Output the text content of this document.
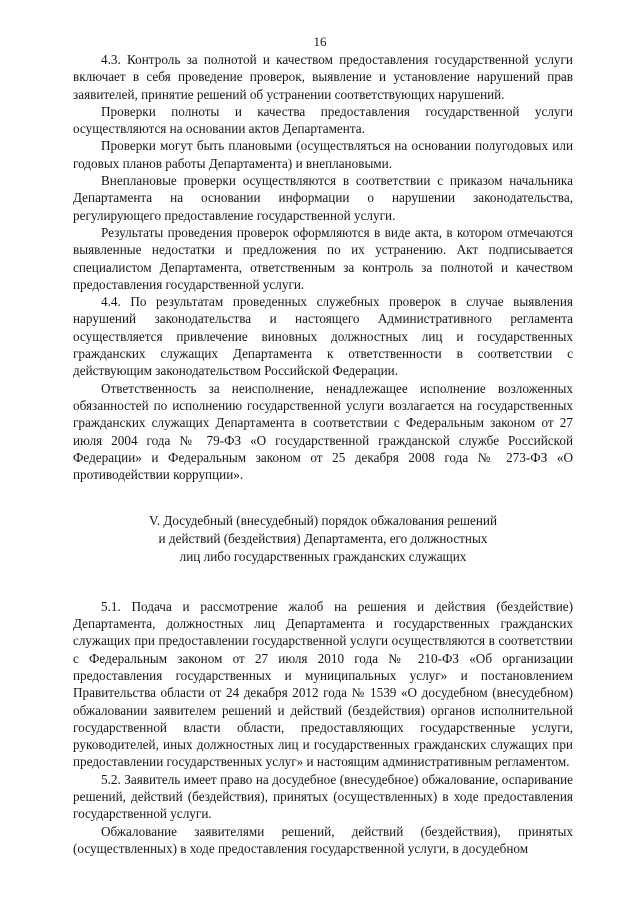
16

4.3. Контроль за полнотой и качеством предоставления государственной услуги включает в себя проведение проверок, выявление и установление нарушений прав заявителей, принятие решений об устранении соответствующих нарушений.

Проверки полноты и качества предоставления государственной услуги осуществляются на основании актов Департамента.

Проверки могут быть плановыми (осуществляться на основании полугодовых или годовых планов работы Департамента) и внеплановыми.

Внеплановые проверки осуществляются в соответствии с приказом начальника Департамента на основании информации о нарушении законодательства, регулирующего предоставление государственной услуги.

Результаты проведения проверок оформляются в виде акта, в котором отмечаются выявленные недостатки и предложения по их устранению. Акт подписывается специалистом Департамента, ответственным за контроль за полнотой и качеством предоставления государственной услуги.

4.4. По результатам проведенных служебных проверок в случае выявления нарушений законодательства и настоящего Административного регламента осуществляется привлечение виновных должностных лиц и государственных гражданских служащих Департамента к ответственности в соответствии с действующим законодательством Российской Федерации.

Ответственность за неисполнение, ненадлежащее исполнение возложенных обязанностей по исполнению государственной услуги возлагается на государственных гражданских служащих Департамента в соответствии с Федеральным законом от 27 июля 2004 года № 79-ФЗ «О государственной гражданской службе Российской Федерации» и Федеральным законом от 25 декабря 2008 года № 273-ФЗ «О противодействии коррупции».

V. Досудебный (внесудебный) порядок обжалования решений
и действий (бездействия) Департамента, его должностных
лиц либо государственных гражданских служащих

5.1. Подача и рассмотрение жалоб на решения и действия (бездействие) Департамента, должностных лиц Департамента и государственных гражданских служащих при предоставлении государственной услуги осуществляются в соответствии с Федеральным законом от 27 июля 2010 года № 210-ФЗ «Об организации предоставления государственных и муниципальных услуг» и постановлением Правительства области от 24 декабря 2012 года № 1539 «О досудебном (внесудебном) обжаловании заявителем решений и действий (бездействия) органов исполнительной государственной власти области, предоставляющих государственные услуги, руководителей, иных должностных лиц и государственных гражданских служащих при предоставлении государственных услуг» и настоящим административным регламентом.

5.2. Заявитель имеет право на досудебное (внесудебное) обжалование, оспаривание решений, действий (бездействия), принятых (осуществленных) в ходе предоставления государственной услуги.

Обжалование заявителями решений, действий (бездействия), принятых (осуществленных) в ходе предоставления государственной услуги, в досудебном
